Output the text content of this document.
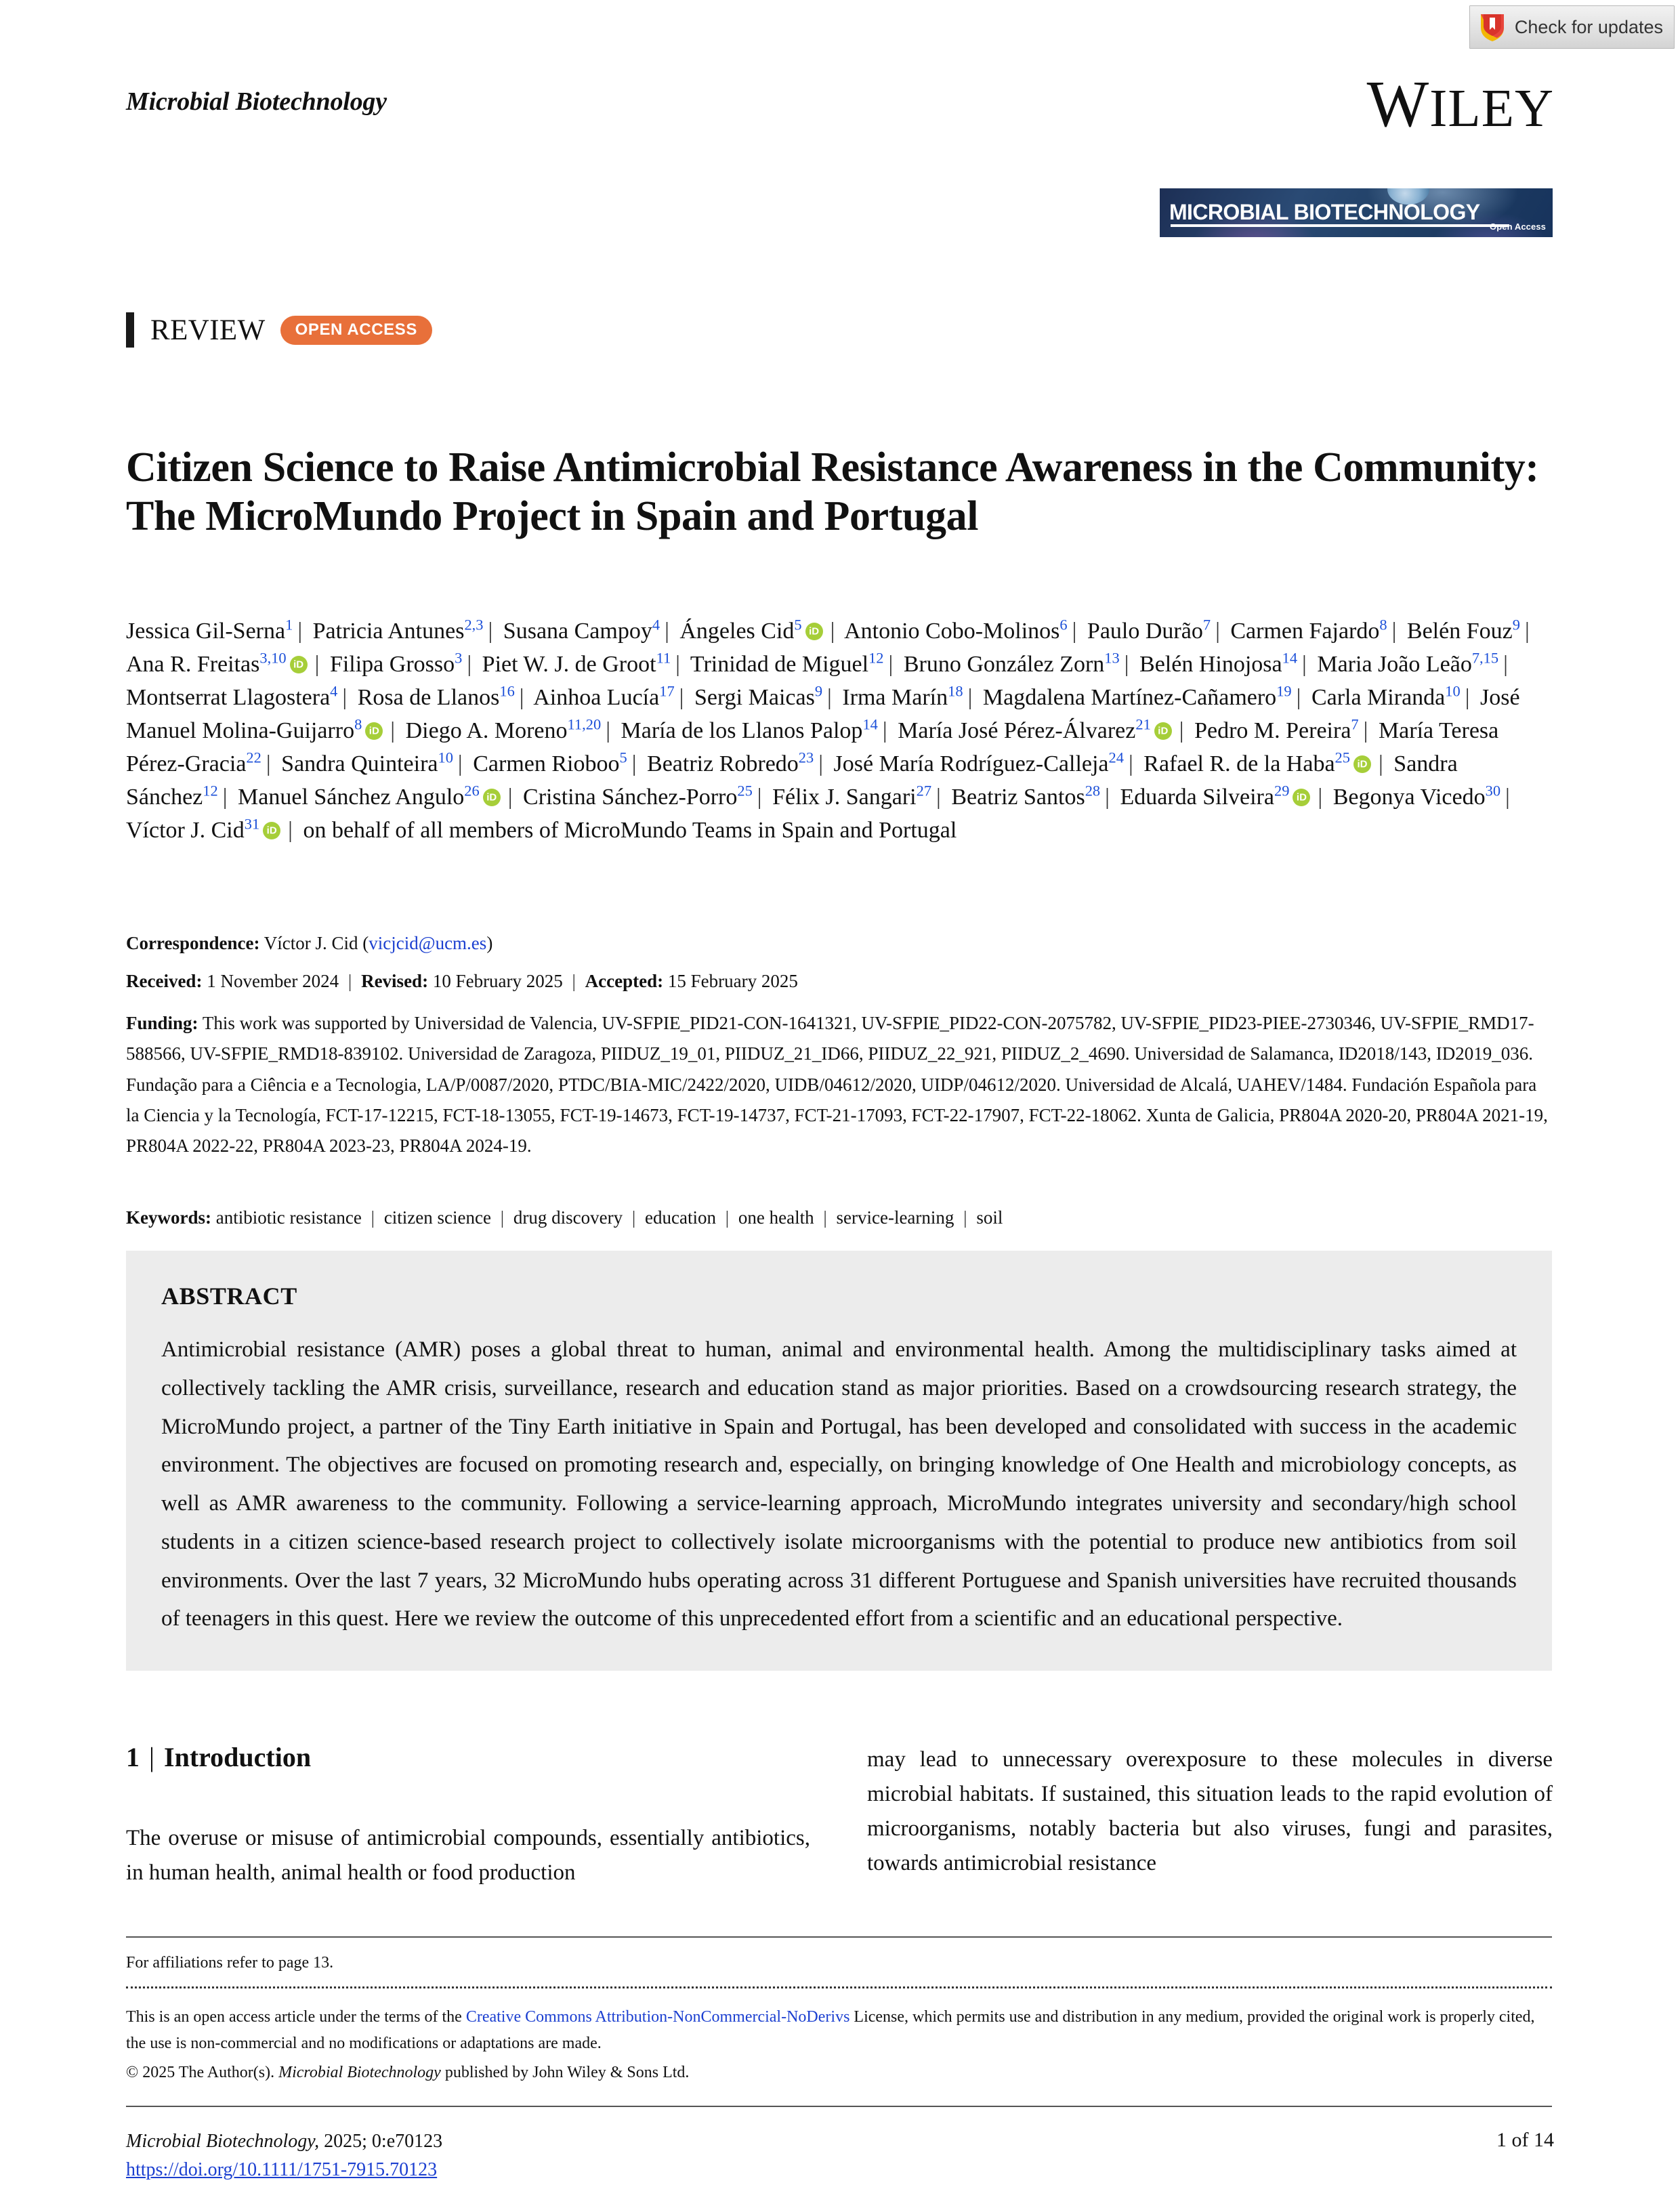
Check for updates
Microbial Biotechnology	WILEY
MICROBIAL BIOTECHNOLOGY
Open Access
REVIEW	OPEN ACCESS
Citizen Science to Raise Antimicrobial Resistance Awareness in the Community: The MicroMundo Project in Spain and Portugal
Jessica Gil-Serna$^1$ | Patricia Antunes$^{2,3}$ | Susana Campoy$^4$ | Ángeles Cid$^5$ iD | Antonio Cobo-Molinos$^6$ | Paulo Durão$^7$ | Carmen Fajardo$^8$ | Belén Fouz$^9$ | Ana R. Freitas$^{3,10}$ iD | Filipa Grosso$^3$ | Piet W. J. de Groot$^{11}$ | Trinidad de Miguel$^{12}$ | Bruno González Zorn$^{13}$ | Belén Hinojosa$^{14}$ | Maria João Leão$^{7,15}$ | Montserrat Llagostera$^4$ | Rosa de Llanos$^{16}$ | Ainhoa Lucía$^{17}$ | Sergi Maicas$^9$ | Irma Marín$^{18}$ | Magdalena Martínez-Cañamero$^{19}$ | Carla Miranda$^{10}$ | José Manuel Molina-Guijarro$^8$ iD | Diego A. Moreno$^{11,20}$ | María de los Llanos Palop$^{14}$ | María José Pérez-Álvarez$^{21}$ iD | Pedro M. Pereira$^7$ | María Teresa Pérez-Gracia$^{22}$ | Sandra Quinteira$^{10}$ | Carmen Rioboo$^5$ | Beatriz Robredo$^{23}$ | José María Rodríguez-Calleja$^{24}$ | Rafael R. de la Haba$^{25}$ iD | Sandra Sánchez$^{12}$ | Manuel Sánchez Angulo$^{26}$ iD | Cristina Sánchez-Porro$^{25}$ | Félix J. Sangari$^{27}$ | Beatriz Santos$^{28}$ | Eduarda Silveira$^{29}$iD | Begonya Vicedo$^{30}$ | Víctor J. Cid$^{31}$ iD | on behalf of all members of MicroMundo Teams in Spain and Portugal
Correspondence: Víctor J. Cid (vicjcid@ucm.es)
Received: 1 November 2024 | Revised: 10 February 2025 | Accepted: 15 February 2025
Funding: This work was supported by Universidad de Valencia, UV-SFPIE_PID21-CON-1641321, UV-SFPIE_PID22-CON-2075782, UV-SFPIE_PID23-PIEE-2730346, UV-SFPIE_RMD17-588566, UV-SFPIE_RMD18-839102. Universidad de Zaragoza, PIIDUZ_19_01, PIIDUZ_21_ID66, PIIDUZ_22_921, PIIDUZ_2_4690. Universidad de Salamanca, ID2018/143, ID2019_036. Fundação para a Ciência e a Tecnologia, LA/P/0087/2020, PTDC/BIA-MIC/2422/2020, UIDB/04612/2020, UIDP/04612/2020. Universidad de Alcalá, UAHEV/1484. Fundación Española para la Ciencia y la Tecnología, FCT-17-12215, FCT-18-13055, FCT-19-14673, FCT-19-14737, FCT-21-17093, FCT-22-17907, FCT-22-18062. Xunta de Galicia, PR804A 2020-20, PR804A 2021-19, PR804A 2022-22, PR804A 2023-23, PR804A 2024-19.
Keywords: antibiotic resistance | citizen science | drug discovery | education | one health | service-learning | soil
ABSTRACT
Antimicrobial resistance (AMR) poses a global threat to human, animal and environmental health. Among the multidisciplinary tasks aimed at collectively tackling the AMR crisis, surveillance, research and education stand as major priorities. Based on a crowdsourcing research strategy, the MicroMundo project, a partner of the Tiny Earth initiative in Spain and Portugal, has been developed and consolidated with success in the academic environment. The objectives are focused on promoting research and, especially, on bringing knowledge of One Health and microbiology concepts, as well as AMR awareness to the community. Following a service-learning approach, MicroMundo integrates university and secondary/high school students in a citizen science-based research project to collectively isolate microorganisms with the potential to produce new antibiotics from soil environments. Over the last 7 years, 32 MicroMundo hubs operating across 31 different Portuguese and Spanish universities have recruited thousands of teenagers in this quest. Here we review the outcome of this unprecedented effort from a scientific and an educational perspective.
1 | Introduction
The overuse or misuse of antimicrobial compounds, essentially antibiotics, in human health, animal health or food production
may lead to unnecessary overexposure to these molecules in diverse microbial habitats. If sustained, this situation leads to the rapid evolution of microorganisms, notably bacteria but also viruses, fungi and parasites, towards antimicrobial resistance
For affiliations refer to page 13.
This is an open access article under the terms of the Creative Commons Attribution-NonCommercial-NoDerivs License, which permits use and distribution in any medium, provided the original work is properly cited, the use is non-commercial and no modifications or adaptations are made.
© 2025 The Author(s). Microbial Biotechnology published by John Wiley & Sons Ltd.
Microbial Biotechnology, 2025; 0:e70123
https://doi.org/10.1111/1751-7915.70123
1 of 14
